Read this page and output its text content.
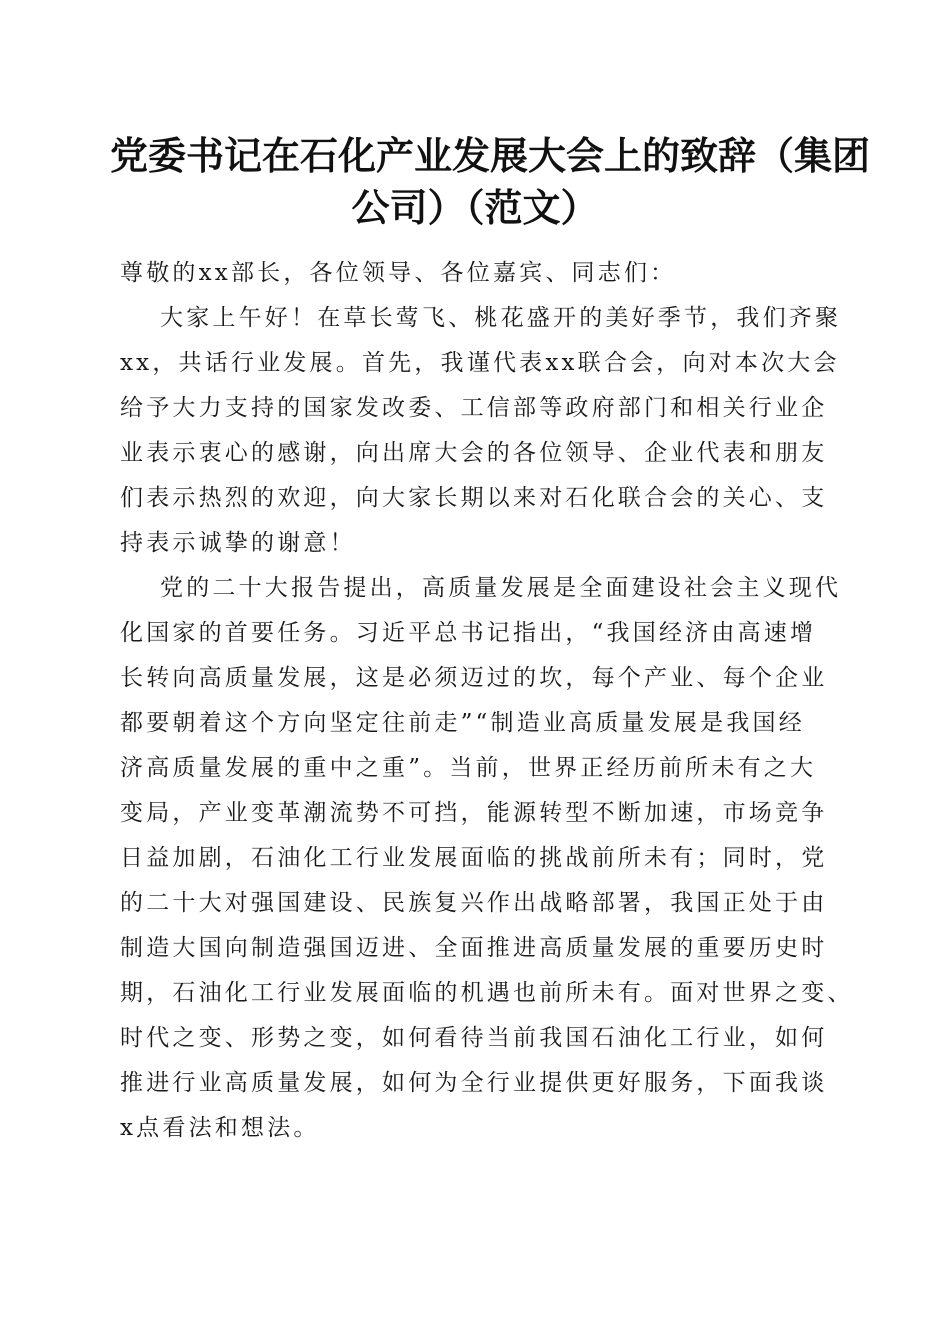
党委书记在石化产业发展大会上的致辞（集团
公司）（范文）
尊敬的xx部长，各位领导、各位嘉宾、同志们：
大家上午好！在草长莺飞、桃花盛开的美好季节，我们齐聚
xx，共话行业发展。首先，我谨代表xx联合会，向对本次大会
给予大力支持的国家发改委、工信部等政府部门和相关行业企
业表示衷心的感谢，向出席大会的各位领导、企业代表和朋友
们表示热烈的欢迎，向大家长期以来对石化联合会的关心、支
持表示诚挚的谢意！
党的二十大报告提出，高质量发展是全面建设社会主义现代
化国家的首要任务。习近平总书记指出，“我国经济由高速增
长转向高质量发展，这是必须迈过的坎，每个产业、每个企业
都要朝着这个方向坚定往前走”“制造业高质量发展是我国经
济高质量发展的重中之重”。当前，世界正经历前所未有之大
变局，产业变革潮流势不可挡，能源转型不断加速，市场竞争
日益加剧，石油化工行业发展面临的挑战前所未有；同时，党
的二十大对强国建设、民族复兴作出战略部署，我国正处于由
制造大国向制造强国迈进、全面推进高质量发展的重要历史时
期，石油化工行业发展面临的机遇也前所未有。面对世界之变、
时代之变、形势之变，如何看待当前我国石油化工行业，如何
推进行业高质量发展，如何为全行业提供更好服务，下面我谈
x点看法和想法。
